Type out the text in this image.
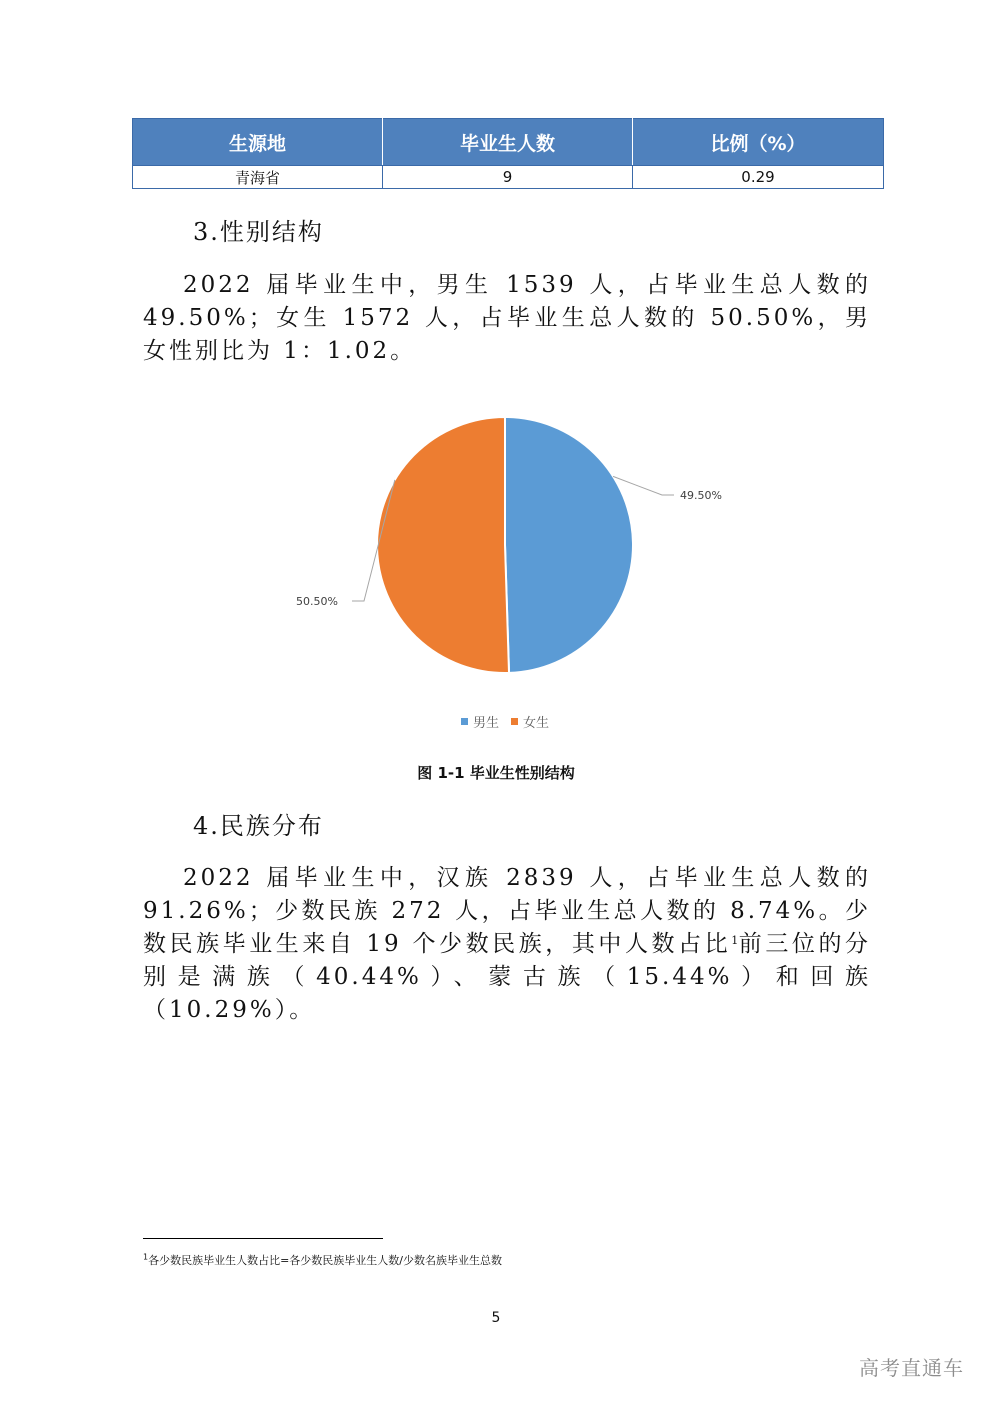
生源地	毕业生人数	比例（%）
青海省	9	0.29
3.性别结构

2022 届毕业生中，男生 1539 人，占毕业生总人数的 49.50%；女生 1572 人，占毕业生总人数的 50.50%，男女性别比为 1：1.02。

49.50%
50.50%
男生 女生
图 1-1 毕业生性别结构
4.民族分布

2022 届毕业生中，汉族 2839 人，占毕业生总人数的 91.26%；少数民族 272 人，占毕业生总人数的 8.74%。少数民族毕业生来自 19 个少数民族，其中人数占比$^1$前三位的分别是满族（40.44%）、蒙古族（15.44%）和回族（10.29%）。

$^1$各少数民族毕业生人数占比=各少数民族毕业生人数/少数名族毕业生总数
5
高考直通车
